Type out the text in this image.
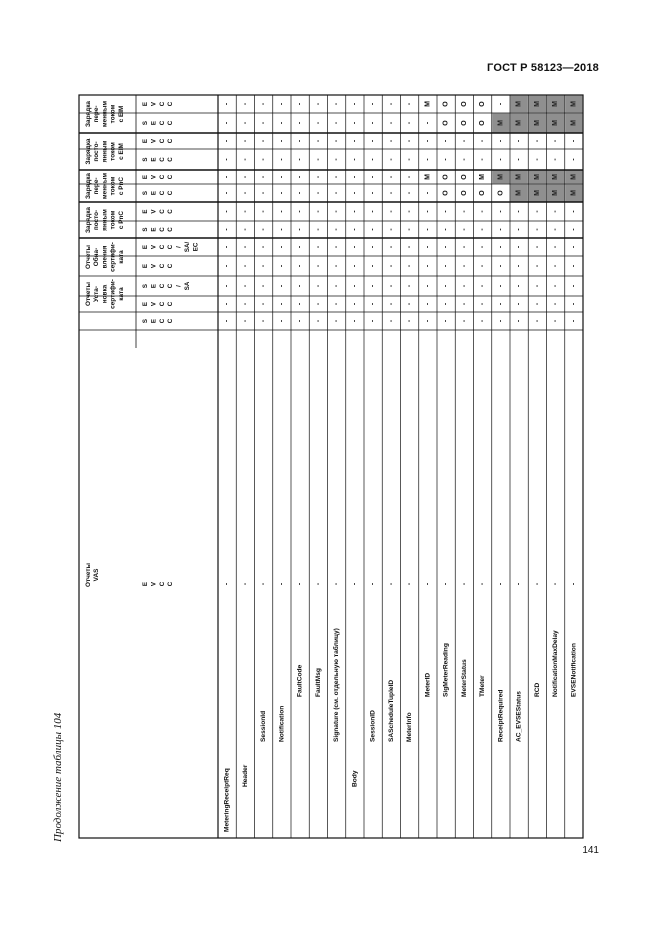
ГОСТ Р 58123—2018
Продолжение таблицы 104
Зарядка пере- менным током с EIM
Зарядка посто- янным током с EIM
Зарядка пере- менным током с PnC
Зарядка посто- янным током с PnC
Отчеты Обна- вления сертифи- ката
Отчеты Уста- новка сертифи- ката
Отчеты VAS
E V C C
S E C C
E V C C
S E C C
E V C C
S E C C
E V C C
S E C C
E V C C / SA/ EC
E V C C
S E C C / SA
E V C C
S E C C
E V C C
-
-
-
-
-
-
-
-
-
-
-
-
-
-
-
-
-
-
-
-
-
-
-
-
-
-
-
-
-
-
-
-
-
-
-
-
-
-
-
-
-
-
-
-
-
-
-
-
-
-
-
-
-
-
-
-
-
-
-
-
-
-
-
-
-
-
-
-
-
-
-
-
-
-
-
-
-
-
-
-
-
-
-
-
-
-
-
-
-
-
-
-
-
-
-
-
-
-
-
-
-
-
-
-
-
-
-
-
-
-
-
-
-
-
-
-
-
-
-
-
-
-
-
-
-
-
-
-
-
-
-
-
-
-
-
-
-
-
-
-
-
-
-
-
-
-
-
-
-
-
-
-
-
-
M
-
-
-
M
-
-
-
-
-
-
-
-
-
O
O
-
-
O
O
-
-
-
-
-
-
-
-
O
O
-
-
O
O
-
-
-
-
-
-
-
-
O
O
-
-
M
O
-
-
-
-
-
-
-
-
-
M
-
-
M
O
-
-
-
-
-
-
-
-
M
M
-
-
M
M
-
-
-
-
-
-
-
-
M
M
-
-
M
M
-
-
-
-
-
-
-
-
M
M
-
-
M
M
-
-
-
-
-
-
-
-
M
M
-
-
M
M
-
-
-
-
-
-
-
-
MeteringReceiptReq Header
SessionId Notification
FaultCode FaultMsg Signature (см. отдельную таблицу)
Body
SessionID SAScheduleTupleID MeterInfo
MeterID SigMeterReading MeterStatus TMeter
ReceiptRequired AC_EVSEStatus
RCD NotificationMaxDelay EVSENotification
141
